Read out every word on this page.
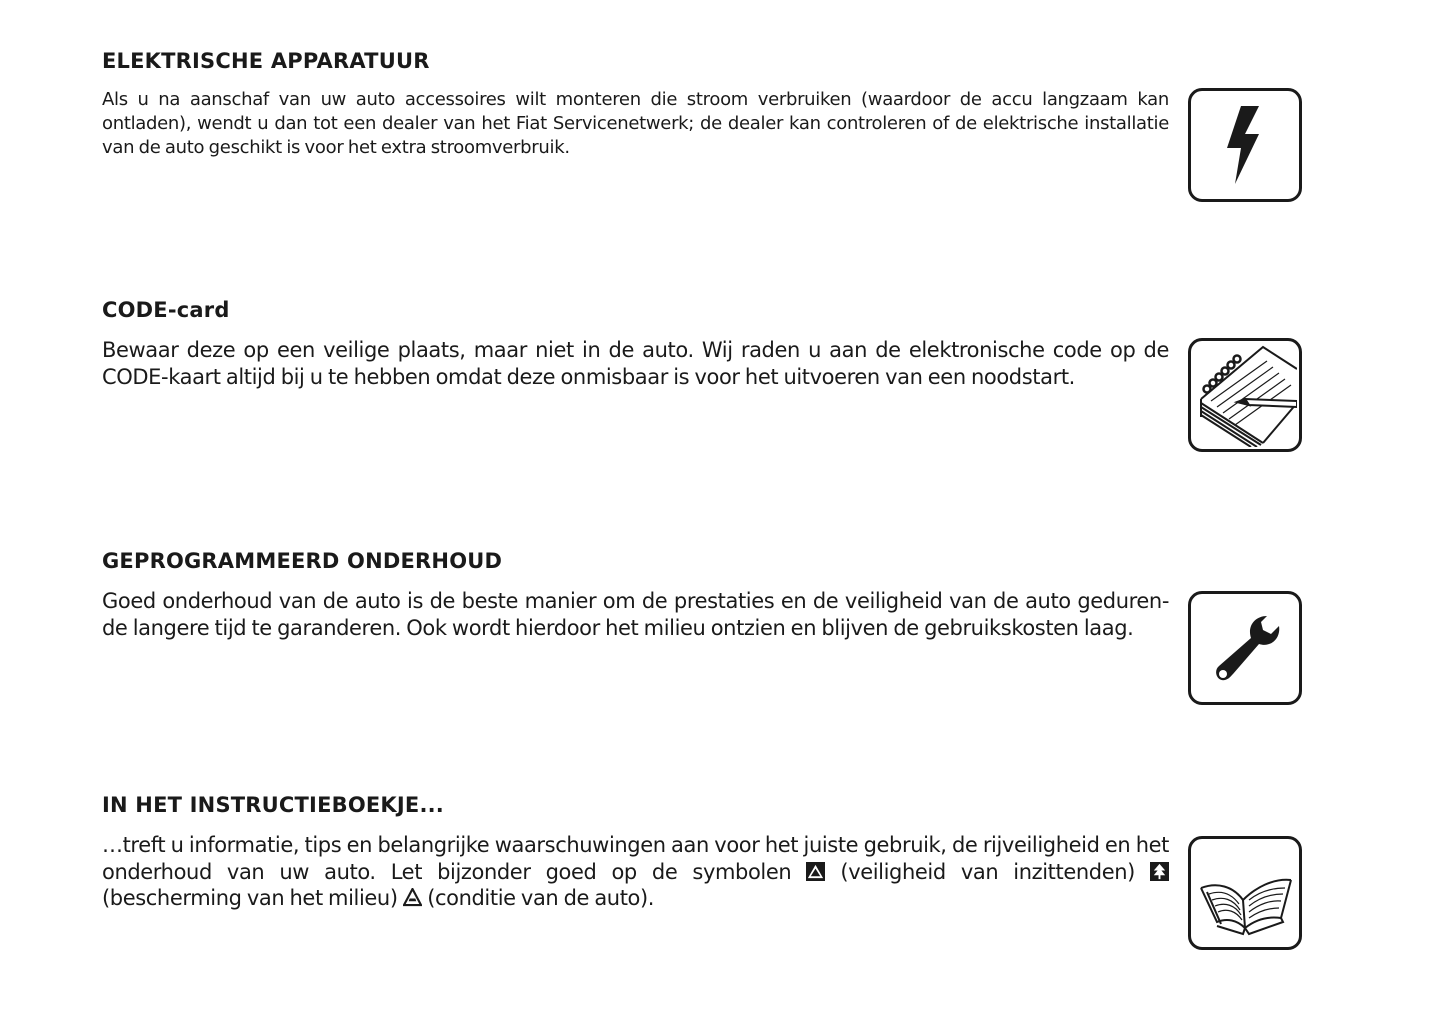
ELEKTRISCHE APPARATUUR

Als u na aanschaf van uw auto accessoires wilt monteren die stroom verbruiken (waardoor de accu langzaam kan ontladen), wendt u dan tot een dealer van het Fiat Servicenetwerk; de dealer kan controleren of de elektrische installatie van de auto geschikt is voor het extra stroomverbruik.

CODE-card

Bewaar deze op een veilige plaats, maar niet in de auto. Wij raden u aan de elektronische code op de CODE-kaart altijd bij u te hebben omdat deze onmisbaar is voor het uitvoeren van een noodstart.

GEPROGRAMMEERD ONDERHOUD

Goed onderhoud van de auto is de beste manier om de prestaties en de veiligheid van de auto geduren-de langere tijd te garanderen. Ook wordt hierdoor het milieu ontzien en blijven de gebruikskosten laag.

IN HET INSTRUCTIEBOEKJE...

…treft u informatie, tips en belangrijke waarschuwingen aan voor het juiste gebruik, de rijveiligheid en het onderhoud van uw auto. Let bijzonder goed op de symbolen  (veiligheid van inzittenden)  (bescherming van het milieu)  (conditie van de auto).
